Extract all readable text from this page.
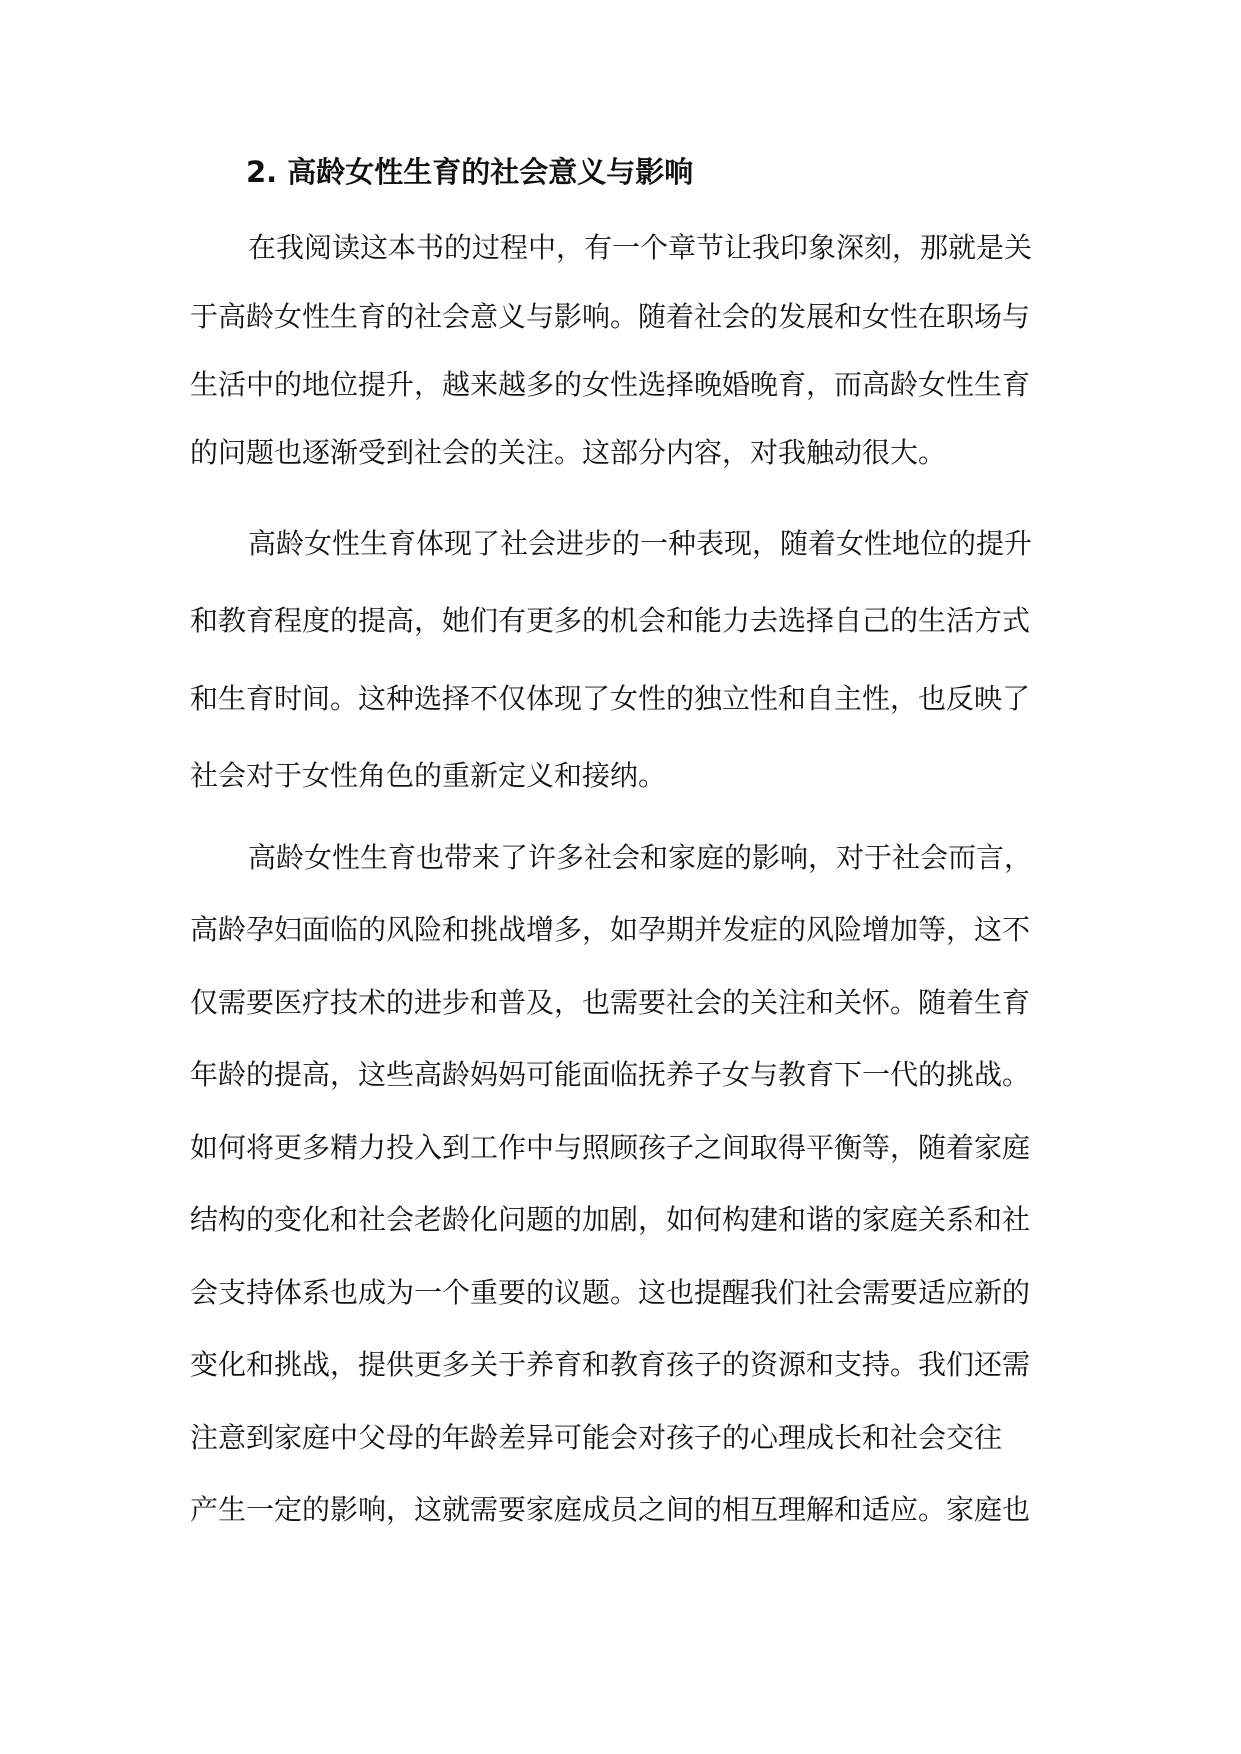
2. 高龄女性生育的社会意义与影响
在我阅读这本书的过程中，有一个章节让我印象深刻，那就是关
于高龄女性生育的社会意义与影响。随着社会的发展和女性在职场与
生活中的地位提升，越来越多的女性选择晚婚晚育，而高龄女性生育
的问题也逐渐受到社会的关注。这部分内容，对我触动很大。
高龄女性生育体现了社会进步的一种表现，随着女性地位的提升
和教育程度的提高，她们有更多的机会和能力去选择自己的生活方式
和生育时间。这种选择不仅体现了女性的独立性和自主性，也反映了
社会对于女性角色的重新定义和接纳。
高龄女性生育也带来了许多社会和家庭的影响，对于社会而言，
高龄孕妇面临的风险和挑战增多，如孕期并发症的风险增加等，这不
仅需要医疗技术的进步和普及，也需要社会的关注和关怀。随着生育
年龄的提高，这些高龄妈妈可能面临抚养子女与教育下一代的挑战。
如何将更多精力投入到工作中与照顾孩子之间取得平衡等，随着家庭
结构的变化和社会老龄化问题的加剧，如何构建和谐的家庭关系和社
会支持体系也成为一个重要的议题。这也提醒我们社会需要适应新的
变化和挑战，提供更多关于养育和教育孩子的资源和支持。我们还需
注意到家庭中父母的年龄差异可能会对孩子的心理成长和社会交往
产生一定的影响，这就需要家庭成员之间的相互理解和适应。家庭也
